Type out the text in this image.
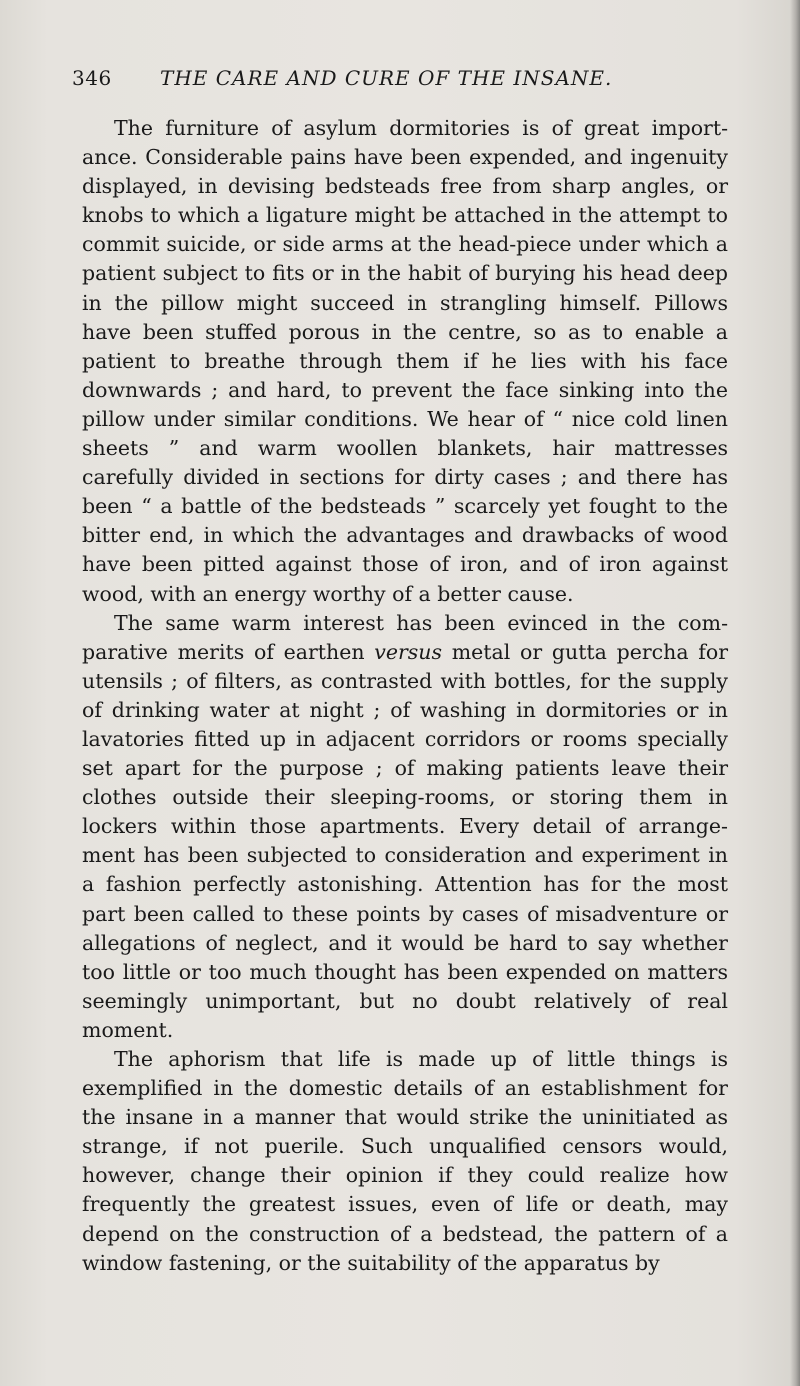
346 THE CARE AND CURE OF THE INSANE.

The furniture of asylum dormitories is of great import-ance. Considerable pains have been expended, and ingenuity displayed, in devising bedsteads free from sharp angles, or knobs to which a ligature might be attached in the attempt to commit suicide, or side arms at the head-piece under which a patient subject to fits or in the habit of burying his head deep in the pillow might succeed in strangling himself. Pillows have been stuffed porous in the centre, so as to enable a patient to breathe through them if he lies with his face downwards ; and hard, to prevent the face sinking into the pillow under similar conditions. We hear of “ nice cold linen sheets ” and warm woollen blankets, hair mattresses carefully divided in sections for dirty cases ; and there has been “ a battle of the bedsteads ” scarcely yet fought to the bitter end, in which the advantages and drawbacks of wood have been pitted against those of iron, and of iron against wood, with an energy worthy of a better cause.

The same warm interest has been evinced in the com-parative merits of earthen versus metal or gutta percha for utensils ; of filters, as contrasted with bottles, for the supply of drinking water at night ; of washing in dormitories or in lavatories fitted up in adjacent corridors or rooms specially set apart for the purpose ; of making patients leave their clothes outside their sleeping-rooms, or storing them in lockers within those apartments. Every detail of arrange-ment has been subjected to consideration and experiment in a fashion perfectly astonishing. Attention has for the most part been called to these points by cases of misadventure or allegations of neglect, and it would be hard to say whether too little or too much thought has been expended on matters seemingly unimportant, but no doubt relatively of real moment.

The aphorism that life is made up of little things is exemplified in the domestic details of an establishment for the insane in a manner that would strike the uninitiated as strange, if not puerile. Such unqualified censors would, however, change their opinion if they could realize how frequently the greatest issues, even of life or death, may depend on the construction of a bedstead, the pattern of a window fastening, or the suitability of the apparatus by
